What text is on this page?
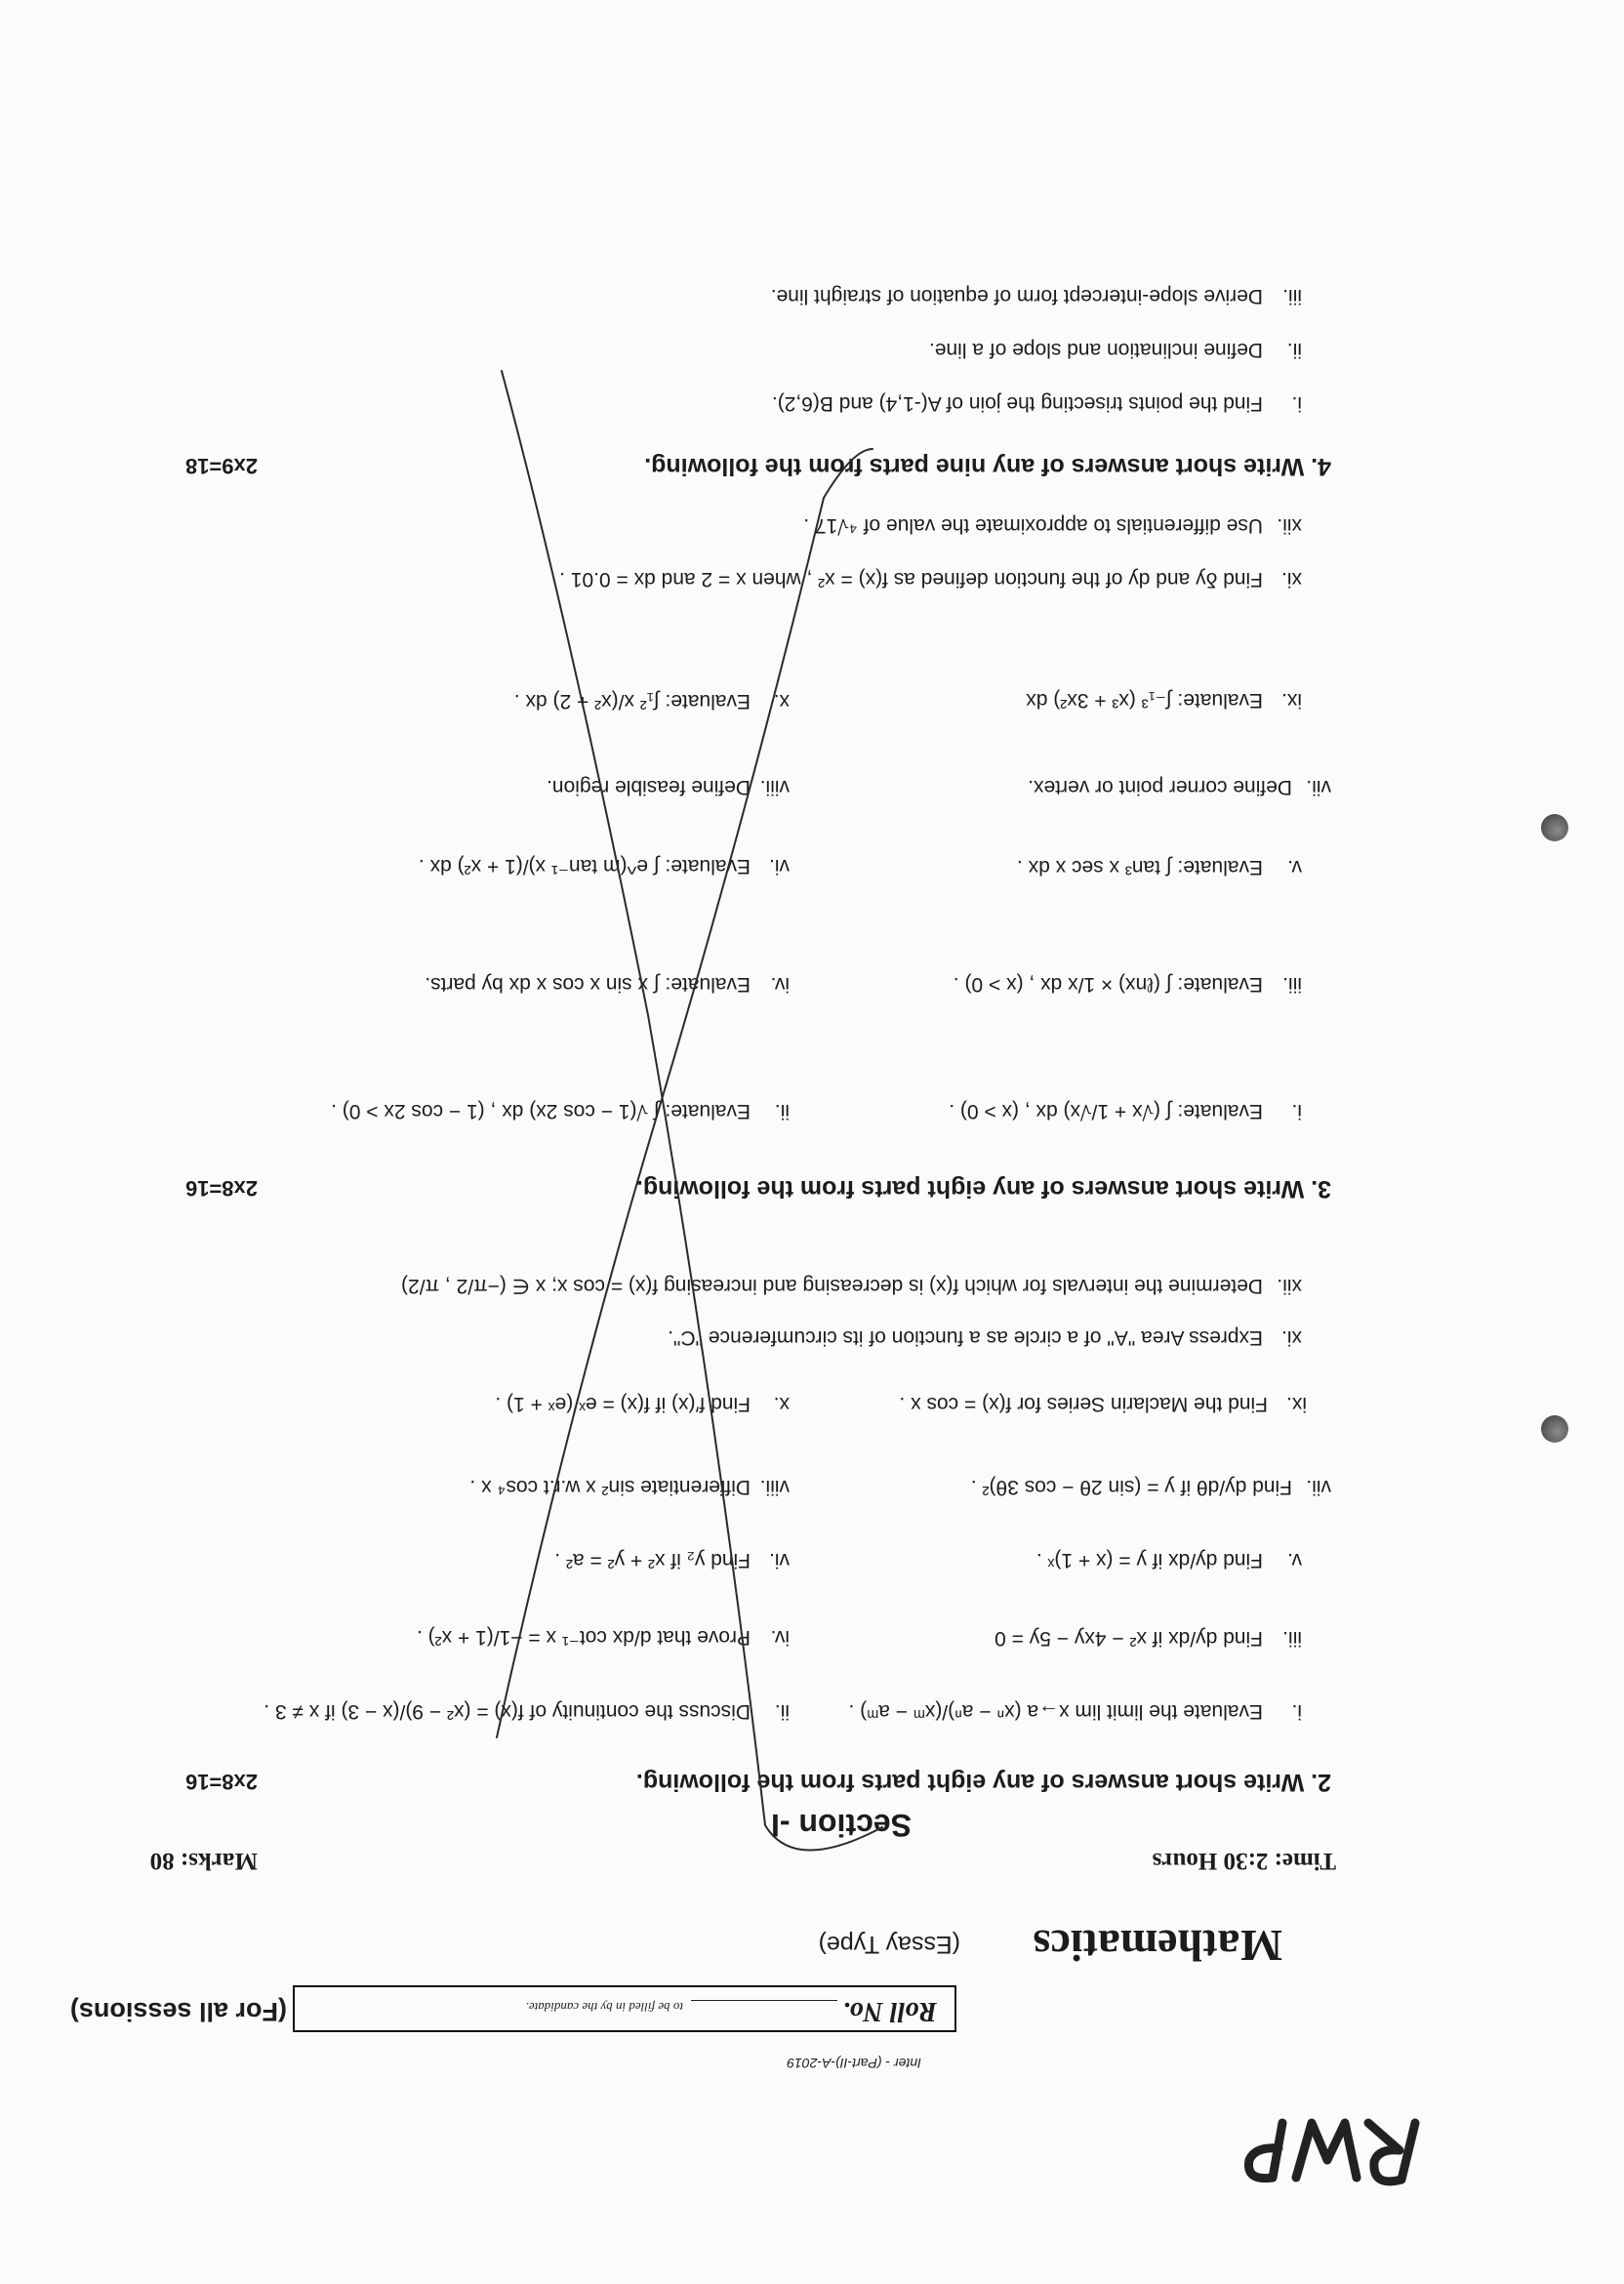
Inter - (Part-II)-A-2019
Roll No.
to be filled in by the candidate.
(For all sessions)
Mathematics
(Essay Type)
Time: 2:30 Hours
Marks: 80
Section -I
2. Write short answers of any eight parts from the following.
2x8=16
i.Evaluate the limit lim x→a (xⁿ − aⁿ)/(xᵐ − aᵐ) .
ii.Discuss the continuity of f(x) = (x² − 9)/(x − 3) if x ≠ 3 .
iii.Find dy/dx if x² − 4xy − 5y = 0
iv.Prove that d/dx cot⁻¹ x = −1/(1 + x²) .
v.Find dy/dx if y = (x + 1)ˣ .
vi.Find y₂ if x² + y² = a² .
vii.Find dy/dθ if y = (sin 2θ − cos 3θ)² .
viii.Differentiate sin² x w.r.t cos⁴ x .
ix.Find the Maclarin Series for f(x) = cos x .
x.Find f′(x) if f(x) = eˣ/(eˣ + 1) .
xi.Express Area "A" of a circle as a function of its circumference "C".
xii.Determine the intervals for which f(x) is decreasing and increasing f(x) = cos x; x ∈ (−π/2 , π/2)
3. Write short answers of any eight parts from the following.
2x8=16
i.Evaluate: ∫ (√x + 1/√x) dx , (x > 0) .
ii.Evaluate: ∫ √(1 − cos 2x) dx , (1 − cos 2x > 0) .
iii.Evaluate: ∫ (ℓnx) × 1/x dx , (x > 0) .
iv.Evaluate: ∫ x sin x cos x dx by parts.
v.Evaluate: ∫ tan³ x sec x dx .
vi.Evaluate: ∫ e^(m tan⁻¹ x)/(1 + x²) dx .
vii.Define corner point or vertex.
viii.Define feasible region.
ix.Evaluate: ∫₋₁³ (x³ + 3x²) dx
x.Evaluate: ∫₁² x/(x² + 2) dx .
xi.Find δy and dy of the function defined as f(x) = x² , when x = 2 and dx = 0.01 .
xii.Use differentials to approximate the value of ⁴√17 .
4. Write short answers of any nine parts from the following.
2x9=18
i.Find the points trisecting the join of A(-1,4) and B(6,2).
ii.Define inclination and slope of a line.
iii.Derive slope-intercept form of equation of straight line.
